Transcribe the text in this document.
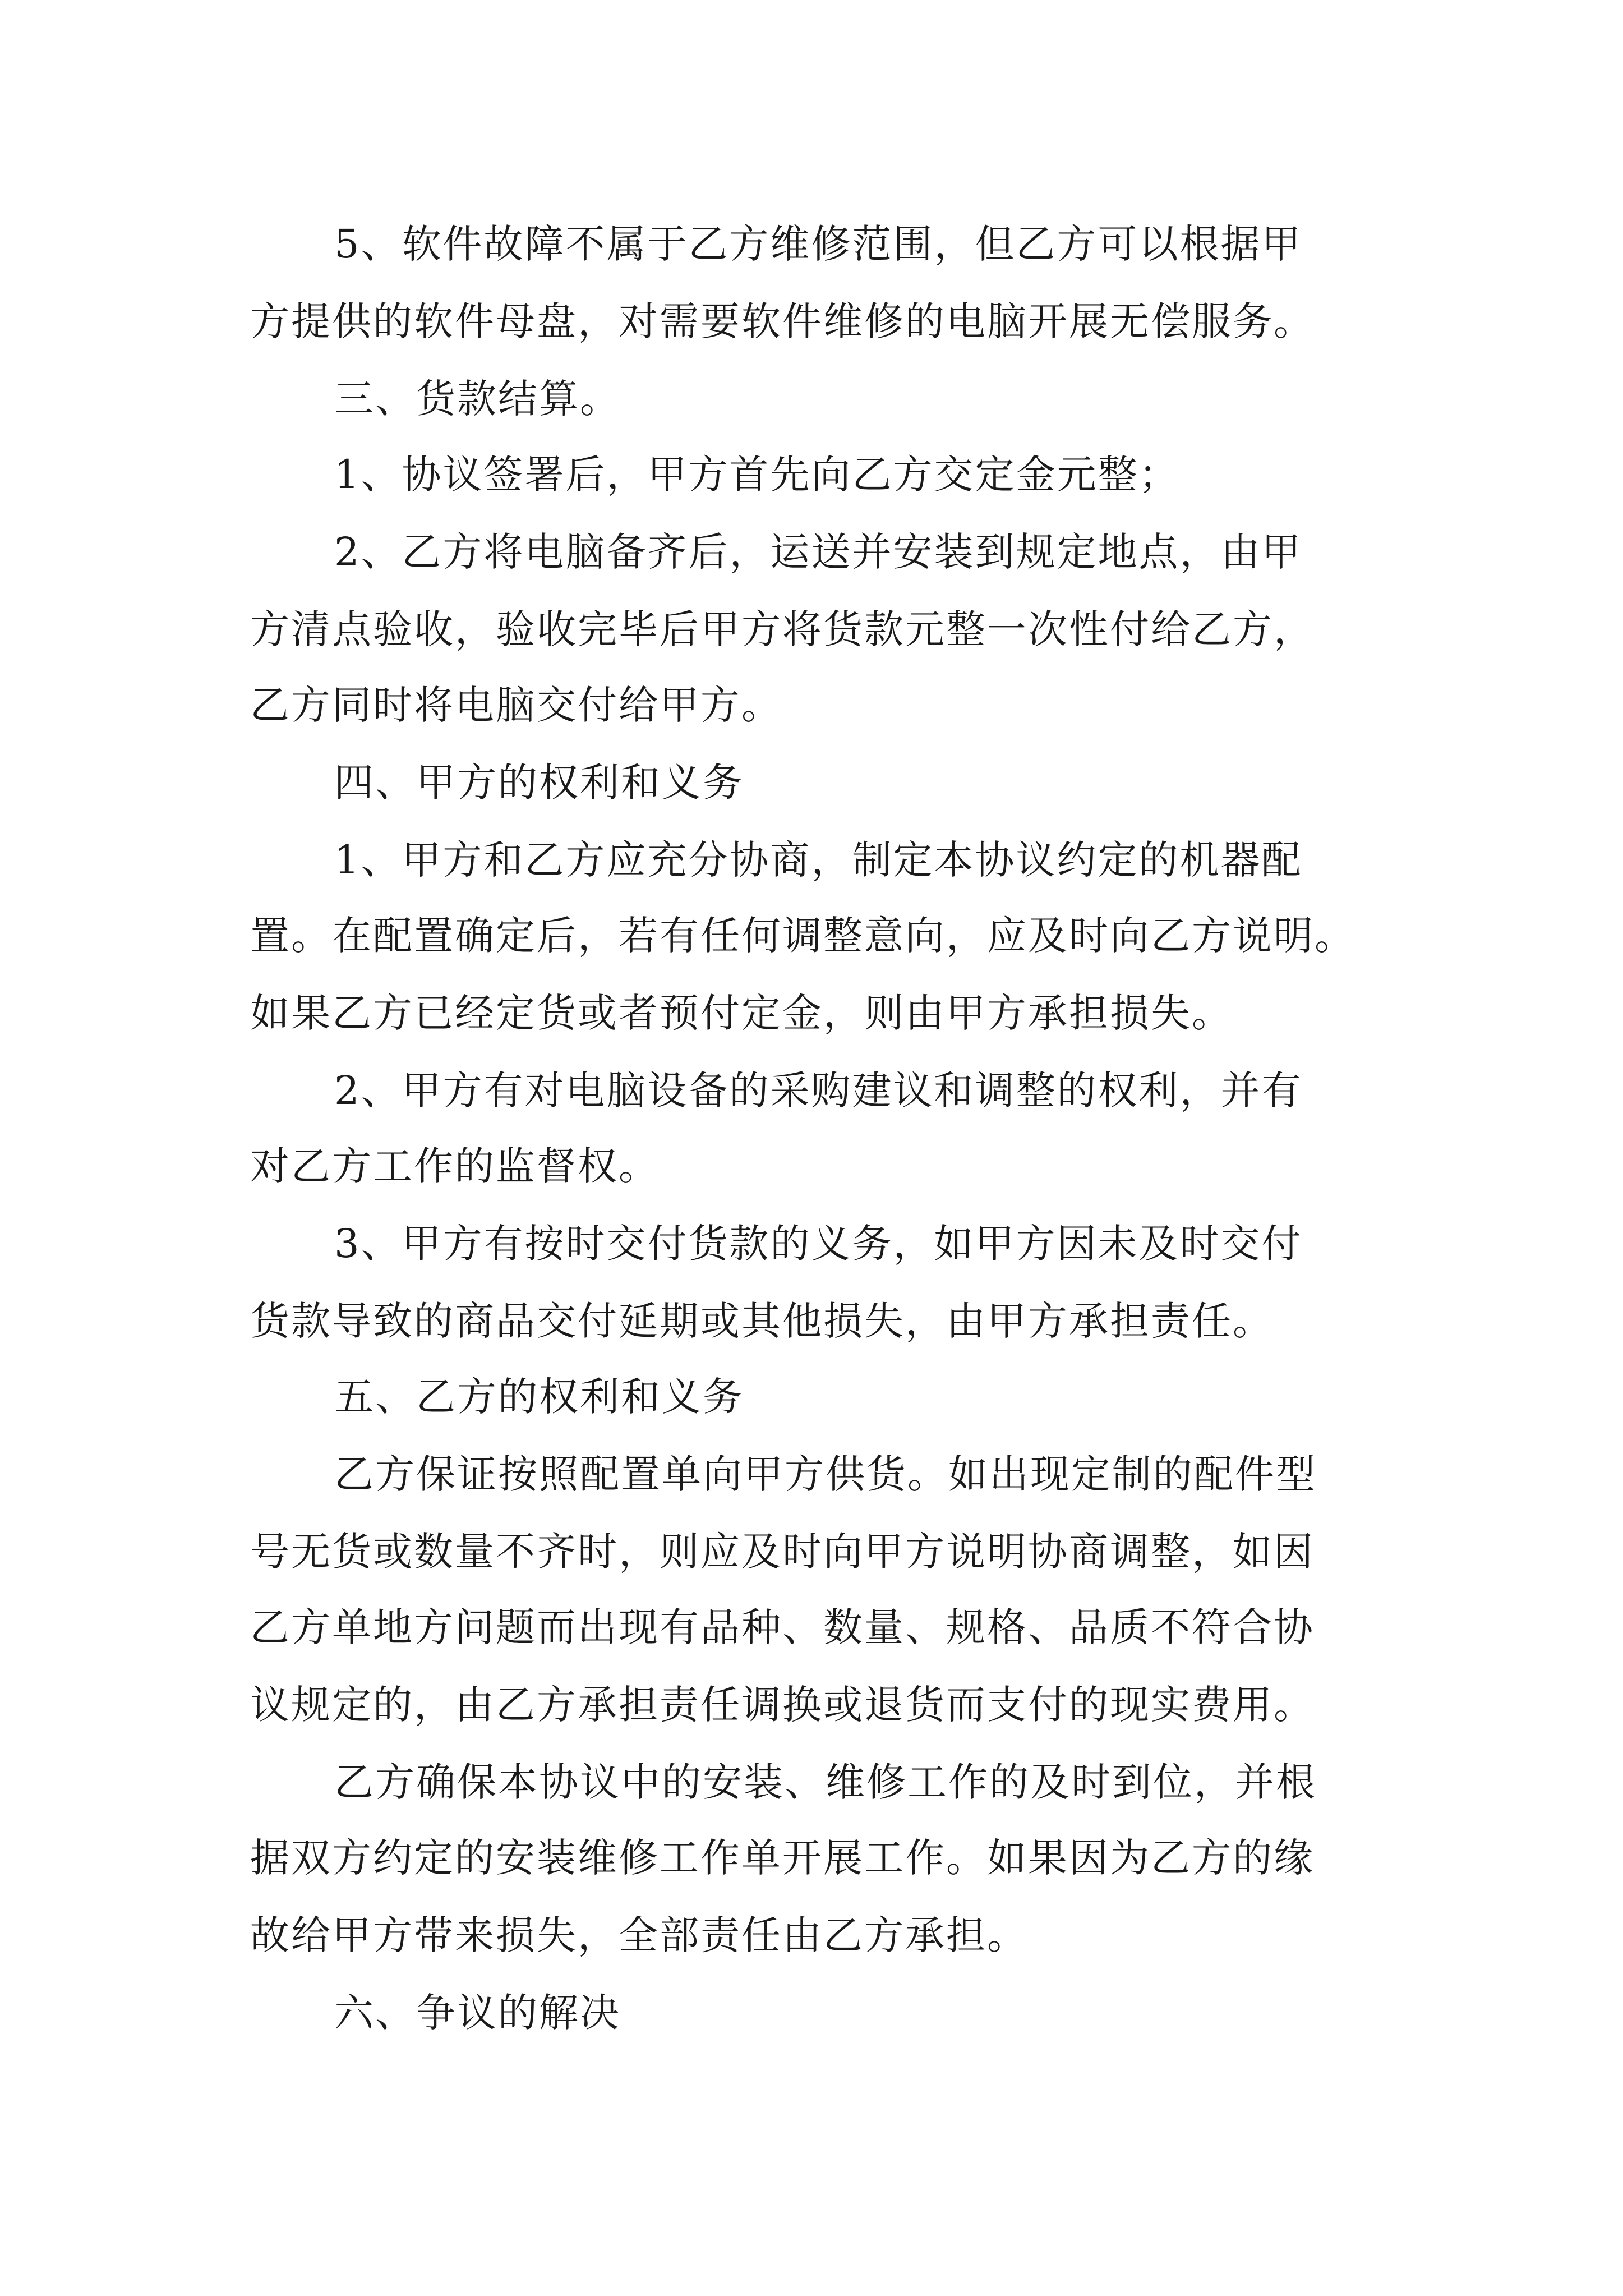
5、软件故障不属于乙方维修范围，但乙方可以根据甲

方提供的软件母盘，对需要软件维修的电脑开展无偿服务。

三、货款结算。

1、协议签署后，甲方首先向乙方交定金元整；

2、乙方将电脑备齐后，运送并安装到规定地点，由甲

方清点验收，验收完毕后甲方将货款元整一次性付给乙方，

乙方同时将电脑交付给甲方。

四、甲方的权利和义务

1、甲方和乙方应充分协商，制定本协议约定的机器配

置。在配置确定后，若有任何调整意向，应及时向乙方说明。

如果乙方已经定货或者预付定金，则由甲方承担损失。

2、甲方有对电脑设备的采购建议和调整的权利，并有

对乙方工作的监督权。

3、甲方有按时交付货款的义务，如甲方因未及时交付

货款导致的商品交付延期或其他损失，由甲方承担责任。

五、乙方的权利和义务

乙方保证按照配置单向甲方供货。如出现定制的配件型

号无货或数量不齐时，则应及时向甲方说明协商调整，如因

乙方单地方问题而出现有品种、数量、规格、品质不符合协

议规定的，由乙方承担责任调换或退货而支付的现实费用。

乙方确保本协议中的安装、维修工作的及时到位，并根

据双方约定的安装维修工作单开展工作。如果因为乙方的缘

故给甲方带来损失，全部责任由乙方承担。

六、争议的解决
